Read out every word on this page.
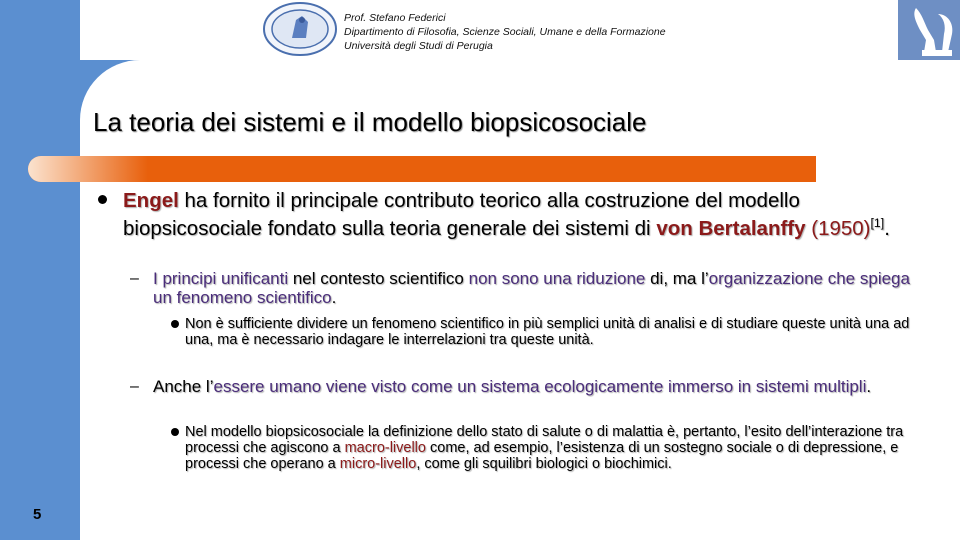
Prof. Stefano Federici
Dipartimento di Filosofia, Scienze Sociali, Umane e della Formazione
Università degli Studi di Perugia
La teoria dei sistemi e il modello biopsicosociale
Engel ha fornito il principale contributo teorico alla costruzione del modello biopsicosociale fondato sulla teoria generale dei sistemi di von Bertalanffy (1950)[1].
– I principi unificanti nel contesto scientifico non sono una riduzione di, ma l’organizzazione che spiega un fenomeno scientifico.
Non è sufficiente dividere un fenomeno scientifico in più semplici unità di analisi e di studiare queste unità una ad una, ma è necessario indagare le interrelazioni tra queste unità.
– Anche l’essere umano viene visto come un sistema ecologicamente immerso in sistemi multipli.
Nel modello biopsicosociale la definizione dello stato di salute o di malattia è, pertanto, l’esito dell’interazione tra processi che agiscono a macro-livello come, ad esempio, l’esistenza di un sostegno sociale o di depressione, e processi che operano a micro-livello, come gli squilibri biologici o biochimici.
5
